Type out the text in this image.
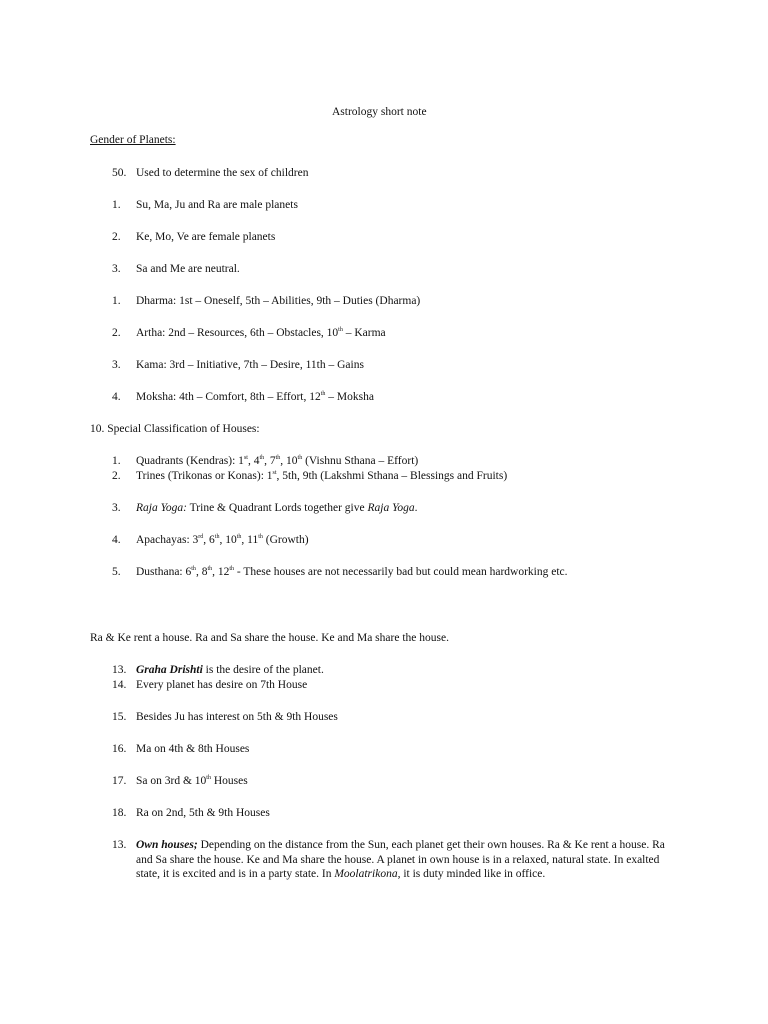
Astrology short note
Gender of Planets:
50. Used to determine the sex of children
1. Su, Ma, Ju and Ra are male planets
2. Ke, Mo, Ve are female planets
3. Sa and Me are neutral.
1. Dharma: 1st – Oneself, 5th – Abilities, 9th – Duties (Dharma)
2. Artha: 2nd – Resources, 6th – Obstacles, 10th – Karma
3. Kama: 3rd – Initiative, 7th – Desire, 11th – Gains
4. Moksha: 4th – Comfort, 8th – Effort, 12th – Moksha
10. Special Classification of Houses:
1. Quadrants (Kendras): 1st, 4th, 7th, 10th (Vishnu Sthana – Effort)
2. Trines (Trikonas or Konas): 1st, 5th, 9th (Lakshmi Sthana – Blessings and Fruits)
3. Raja Yoga: Trine & Quadrant Lords together give Raja Yoga.
4. Apachayas: 3rd, 6th, 10th, 11th (Growth)
5. Dusthana: 6th, 8th, 12th - These houses are not necessarily bad but could mean hardworking etc.
Ra & Ke rent a house. Ra and Sa share the house. Ke and Ma share the house.
13. Graha Drishti is the desire of the planet.
14. Every planet has desire on 7th House
15. Besides Ju has interest on 5th & 9th Houses
16. Ma on 4th & 8th Houses
17. Sa on 3rd & 10th Houses
18. Ra on 2nd, 5th & 9th Houses
13. Own houses; Depending on the distance from the Sun, each planet get their own houses. Ra & Ke rent a house. Ra and Sa share the house. Ke and Ma share the house. A planet in own house is in a relaxed, natural state. In exalted state, it is excited and is in a party state. In Moolatrikona, it is duty minded like in office.
